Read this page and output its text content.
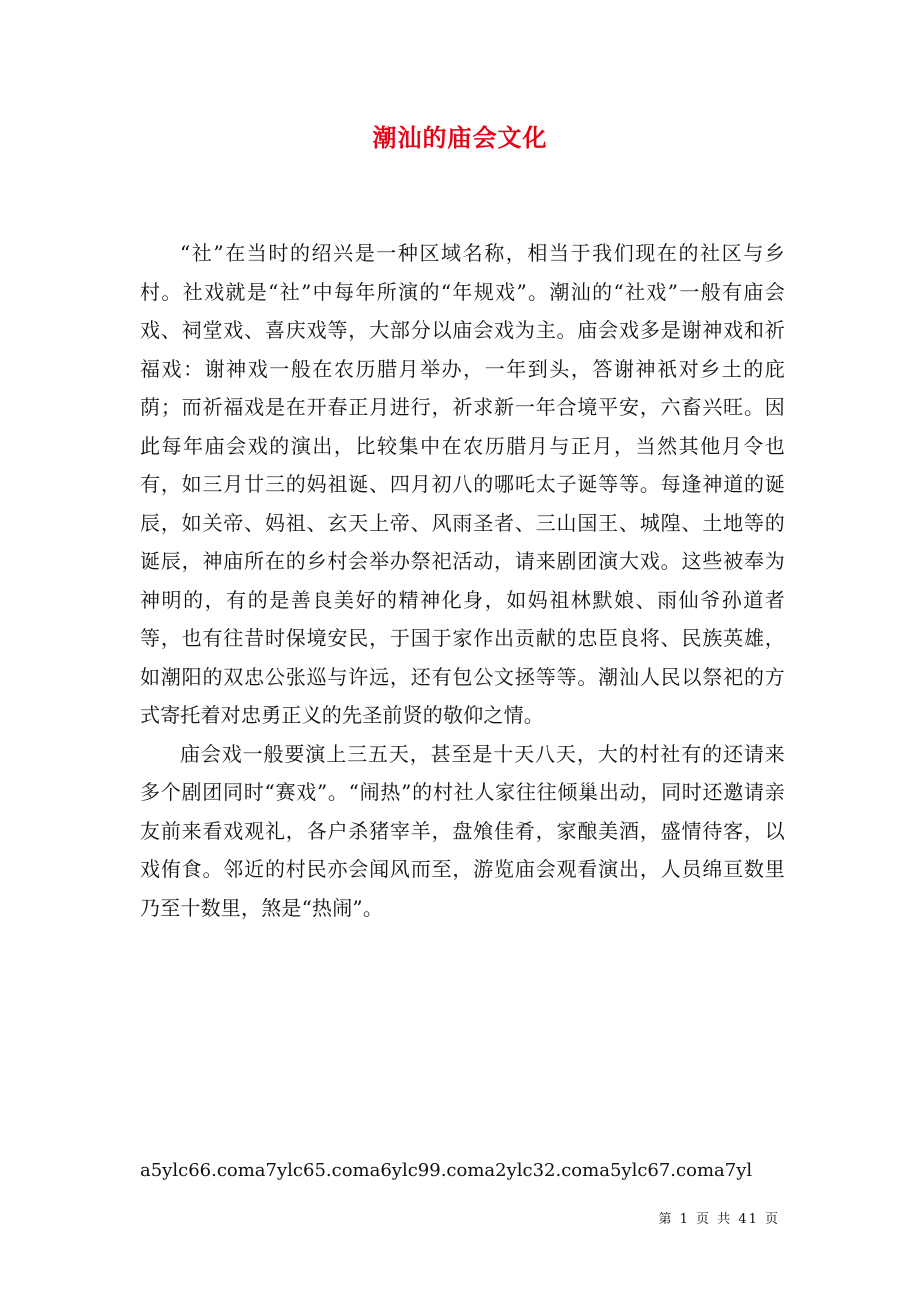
潮汕的庙会文化

“社”在当时的绍兴是一种区域名称，相当于我们现在的社区与乡村。社戏就是“社”中每年所演的“年规戏”。潮汕的“社戏”一般有庙会戏、祠堂戏、喜庆戏等，大部分以庙会戏为主。庙会戏多是谢神戏和祈福戏：谢神戏一般在农历腊月举办，一年到头，答谢神祇对乡土的庇荫；而祈福戏是在开春正月进行，祈求新一年合境平安，六畜兴旺。因此每年庙会戏的演出，比较集中在农历腊月与正月，当然其他月令也有，如三月廿三的妈祖诞、四月初八的哪吒太子诞等等。每逢神道的诞辰，如关帝、妈祖、玄天上帝、风雨圣者、三山国王、城隍、土地等的诞辰，神庙所在的乡村会举办祭祀活动，请来剧团演大戏。这些被奉为神明的，有的是善良美好的精神化身，如妈祖林默娘、雨仙爷孙道者等，也有往昔时保境安民，于国于家作出贡献的忠臣良将、民族英雄，如潮阳的双忠公张巡与许远，还有包公文拯等等。潮汕人民以祭祀的方式寄托着对忠勇正义的先圣前贤的敬仰之情。

庙会戏一般要演上三五天，甚至是十天八天，大的村社有的还请来多个剧团同时“赛戏”。“闹热”的村社人家往往倾巢出动，同时还邀请亲友前来看戏观礼，各户杀猪宰羊，盘飧佳肴，家酿美酒，盛情待客，以戏侑食。邻近的村民亦会闻风而至，游览庙会观看演出，人员绵亘数里乃至十数里，煞是“热闹”。

a5ylc66.coma7ylc65.coma6ylc99.coma2ylc32.coma5ylc67.coma7yl
第 1 页 共 41 页
